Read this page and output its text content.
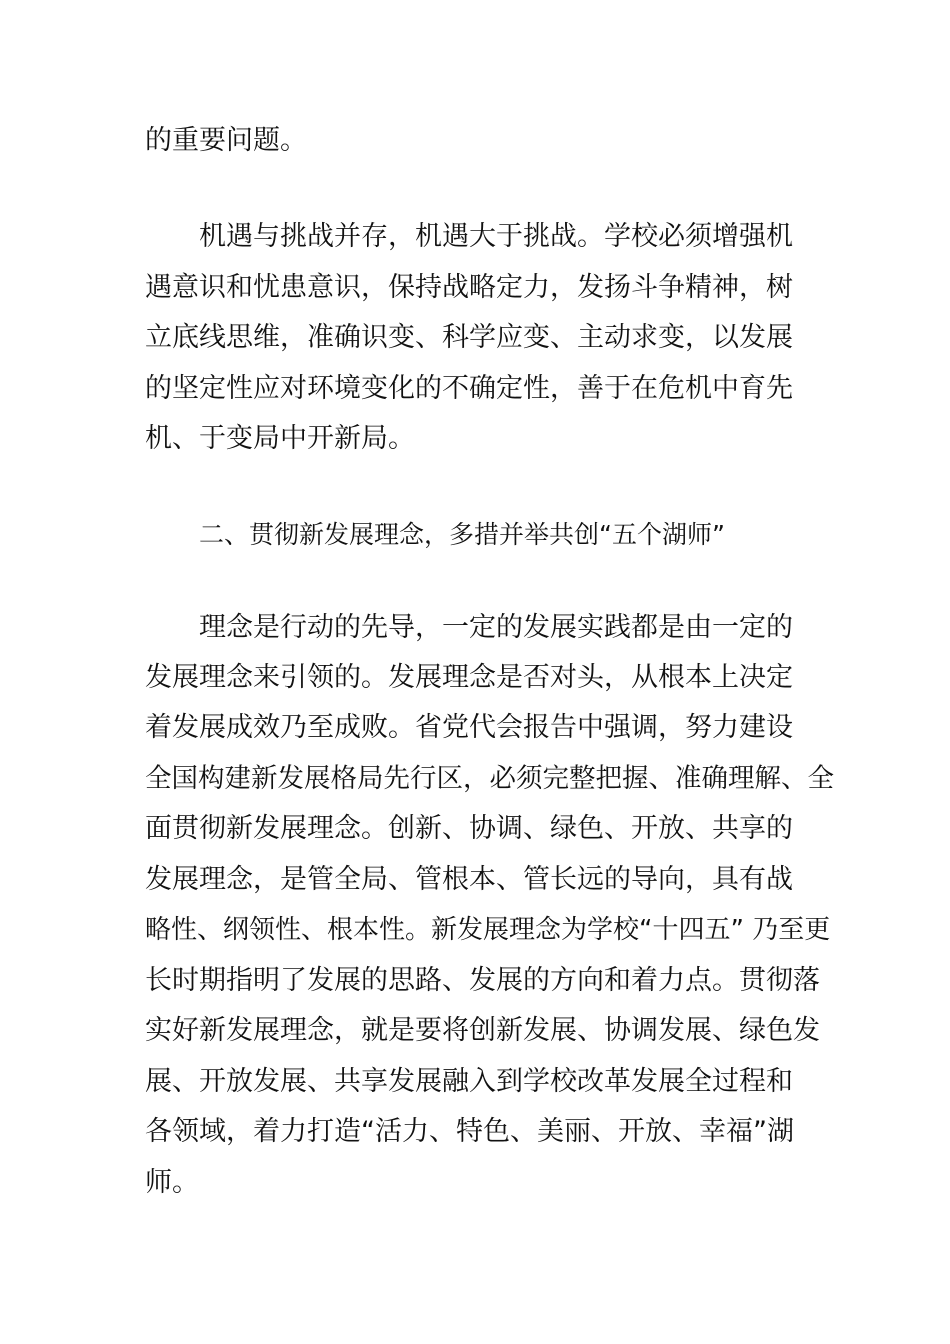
的重要问题。
机遇与挑战并存，机遇大于挑战。学校必须增强机
遇意识和忧患意识，保持战略定力，发扬斗争精神，树
立底线思维，准确识变、科学应变、主动求变，以发展
的坚定性应对环境变化的不确定性，善于在危机中育先
机、于变局中开新局。
二、贯彻新发展理念，多措并举共创“五个湖师”
理念是行动的先导，一定的发展实践都是由一定的
发展理念来引领的。发展理念是否对头，从根本上决定
着发展成效乃至成败。省党代会报告中强调，努力建设
全国构建新发展格局先行区，必须完整把握、准确理解、全
面贯彻新发展理念。创新、协调、绿色、开放、共享的
发展理念，是管全局、管根本、管长远的导向，具有战
略性、纲领性、根本性。新发展理念为学校“十四五” 乃至更
长时期指明了发展的思路、发展的方向和着力点。贯彻落
实好新发展理念，就是要将创新发展、协调发展、绿色发
展、开放发展、共享发展融入到学校改革发展全过程和
各领域，着力打造“活力、特色、美丽、开放、幸福”湖
师。
